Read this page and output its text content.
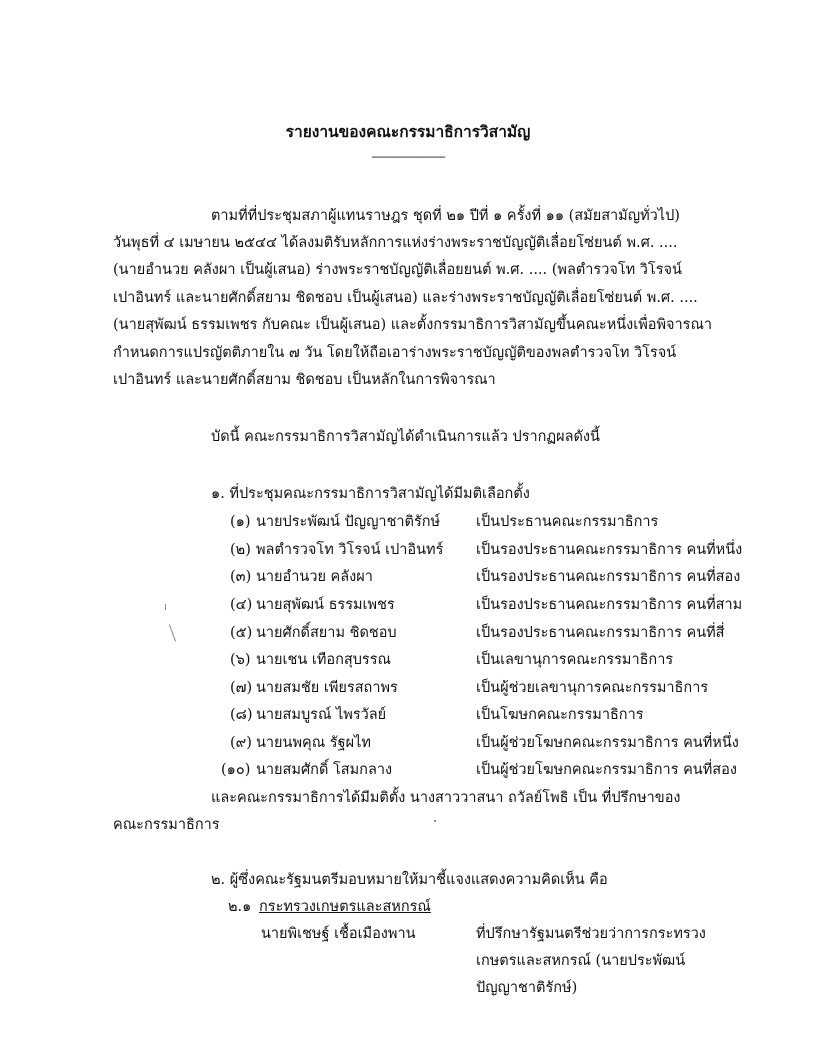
รายงานของคณะกรรมาธิการวิสามัญ
---------------------------
ตามที่ที่ประชุมสภาผู้แทนราษฎร ชุดที่ ๒๑ ปีที่ ๑ ครั้งที่ ๑๑ (สมัยสามัญทั่วไป)
วันพุธที่ ๔ เมษายน ๒๕๔๔ ได้ลงมติรับหลักการแห่งร่างพระราชบัญญัติเลื่อยโซ่ยนต์ พ.ศ. ....
(นายอำนวย คลังผา เป็นผู้เสนอ) ร่างพระราชบัญญัติเลื่อยยนต์ พ.ศ. .... (พลตำรวจโท วิโรจน์
เปาอินทร์ และนายศักดิ์สยาม ชิดชอบ เป็นผู้เสนอ) และร่างพระราชบัญญัติเลื่อยโซ่ยนต์ พ.ศ. ....
(นายสุพัฒน์ ธรรมเพชร กับคณะ เป็นผู้เสนอ) และตั้งกรรมาธิการวิสามัญขึ้นคณะหนึ่งเพื่อพิจารณา
กำหนดการแปรญัตติภายใน ๗ วัน โดยให้ถือเอาร่างพระราชบัญญัติของพลตำรวจโท วิโรจน์
เปาอินทร์ และนายศักดิ์สยาม ชิดชอบ เป็นหลักในการพิจารณา
บัดนี้ คณะกรรมาธิการวิสามัญได้ดำเนินการแล้ว ปรากฏผลดังนี้
๑. ที่ประชุมคณะกรรมาธิการวิสามัญได้มีมติเลือกตั้ง
(๑) นายประพัฒน์ ปัญญาชาติรักษ์ เป็นประธานคณะกรรมาธิการ
(๒) พลตำรวจโท วิโรจน์ เปาอินทร์ เป็นรองประธานคณะกรรมาธิการ คนที่หนึ่ง
(๓) นายอำนวย คลังผา	เป็นรองประธานคณะกรรมาธิการ คนที่สอง
(๔) นายสุพัฒน์ ธรรมเพชร	เป็นรองประธานคณะกรรมาธิการ คนที่สาม
(๕) นายศักดิ์สยาม ชิดชอบ	เป็นรองประธานคณะกรรมาธิการ คนที่สี่
(๖) นายเชน เทือกสุบรรณ	เป็นเลขานุการคณะกรรมาธิการ
(๗) นายสมชัย เพียรสถาพร	เป็นผู้ช่วยเลขานุการคณะกรรมาธิการ
(๘) นายสมบูรณ์ ไพรวัลย์	เป็นโฆษกคณะกรรมาธิการ
(๙) นายนพคุณ รัฐผไท	เป็นผู้ช่วยโฆษกคณะกรรมาธิการ คนที่หนึ่ง
(๑๐) นายสมศักดิ์ โสมกลาง	เป็นผู้ช่วยโฆษกคณะกรรมาธิการ คนที่สอง
และคณะกรรมาธิการได้มีมติตั้ง นางสาววาสนา ถวัลย์โพธิ เป็น ที่ปรึกษาของ
คณะกรรมาธิการ
๒. ผู้ซึ่งคณะรัฐมนตรีมอบหมายให้มาชี้แจงแสดงความคิดเห็น คือ
๒.๑ กระทรวงเกษตรและสหกรณ์
นายพิเชษฐ์ เชื้อเมืองพาน	ที่ปรึกษารัฐมนตรีช่วยว่าการกระทรวง
เกษตรและสหกรณ์ (นายประพัฒน์
ปัญญาชาติรักษ์)
